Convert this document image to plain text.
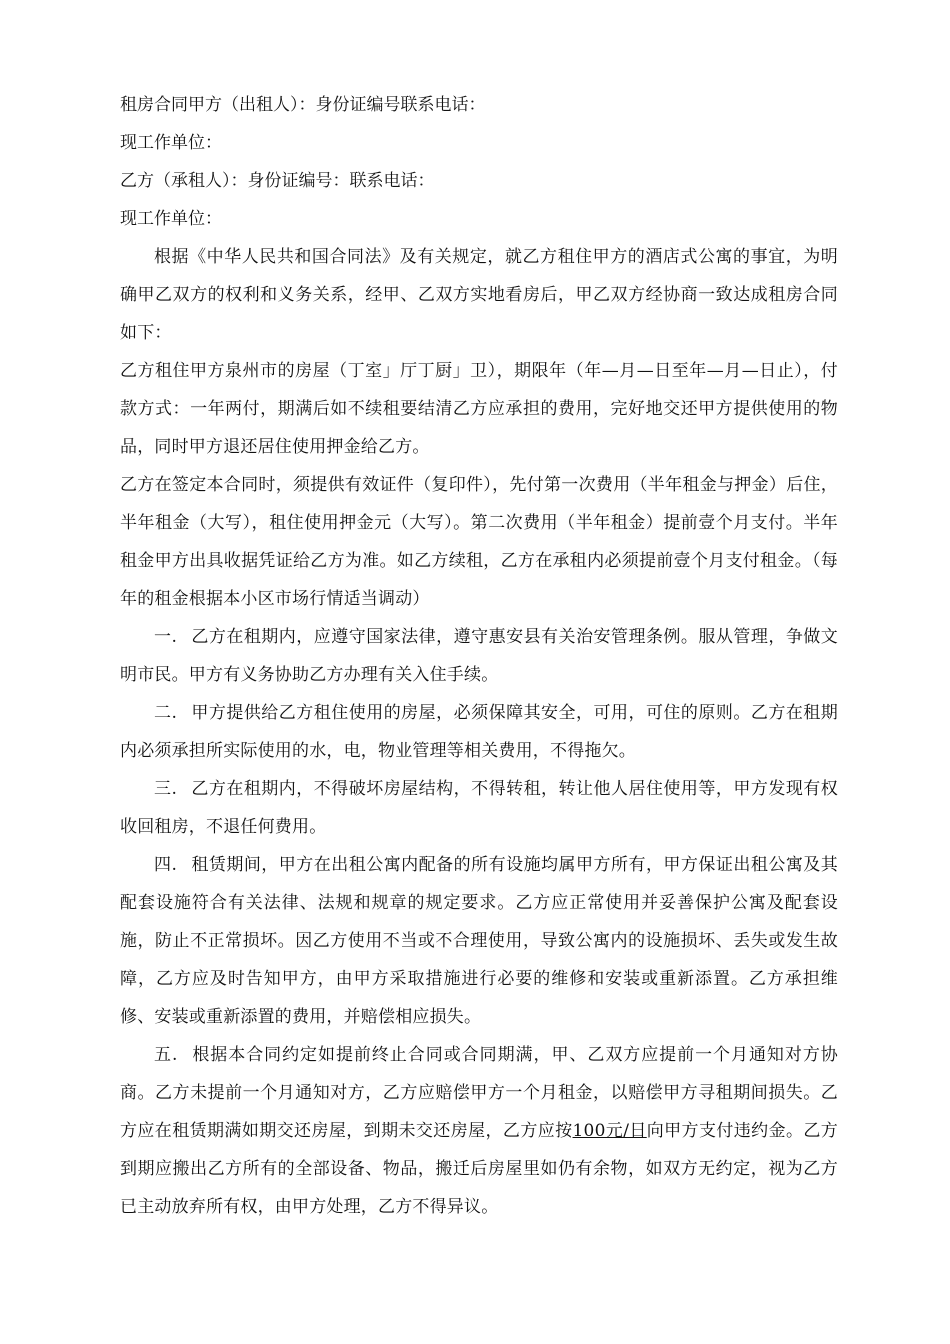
租房合同甲方（出租人）：身份证编号联系电话：

现工作单位：

乙方（承租人）：身份证编号：联系电话：

现工作单位：

根据《中华人民共和国合同法》及有关规定，就乙方租住甲方的酒店式公寓的事宜，为明确甲乙双方的权利和义务关系，经甲、乙双方实地看房后，甲乙双方经协商一致达成租房合同如下：

乙方租住甲方泉州市的房屋（丁室」厅丁厨」卫），期限年（年—月—日至年—月—日止），付款方式：一年两付，期满后如不续租要结清乙方应承担的费用，完好地交还甲方提供使用的物品，同时甲方退还居住使用押金给乙方。

乙方在签定本合同时，须提供有效证件（复印件），先付第一次费用（半年租金与押金）后住，半年租金（大写），租住使用押金元（大写）。第二次费用（半年租金）提前壹个月支付。半年租金甲方出具收据凭证给乙方为准。如乙方续租，乙方在承租内必须提前壹个月支付租金。（每年的租金根据本小区市场行情适当调动）

一. 乙方在租期内，应遵守国家法律，遵守惠安县有关治安管理条例。服从管理，争做文明市民。甲方有义务协助乙方办理有关入住手续。

二. 甲方提供给乙方租住使用的房屋，必须保障其安全，可用，可住的原则。乙方在租期内必须承担所实际使用的水，电，物业管理等相关费用，不得拖欠。

三. 乙方在租期内，不得破坏房屋结构，不得转租，转让他人居住使用等，甲方发现有权收回租房，不退任何费用。

四. 租赁期间，甲方在出租公寓内配备的所有设施均属甲方所有，甲方保证出租公寓及其配套设施符合有关法律、法规和规章的规定要求。乙方应正常使用并妥善保护公寓及配套设施，防止不正常损坏。因乙方使用不当或不合理使用，导致公寓内的设施损坏、丢失或发生故障，乙方应及时告知甲方，由甲方采取措施进行必要的维修和安装或重新添置。乙方承担维修、安装或重新添置的费用，并赔偿相应损失。

五. 根据本合同约定如提前终止合同或合同期满，甲、乙双方应提前一个月通知对方协商。乙方未提前一个月通知对方，乙方应赔偿甲方一个月租金，以赔偿甲方寻租期间损失。乙方应在租赁期满如期交还房屋，到期未交还房屋，乙方应按100元/日向甲方支付违约金。乙方到期应搬出乙方所有的全部设备、物品，搬迁后房屋里如仍有余物，如双方无约定，视为乙方已主动放弃所有权，由甲方处理，乙方不得异议。
